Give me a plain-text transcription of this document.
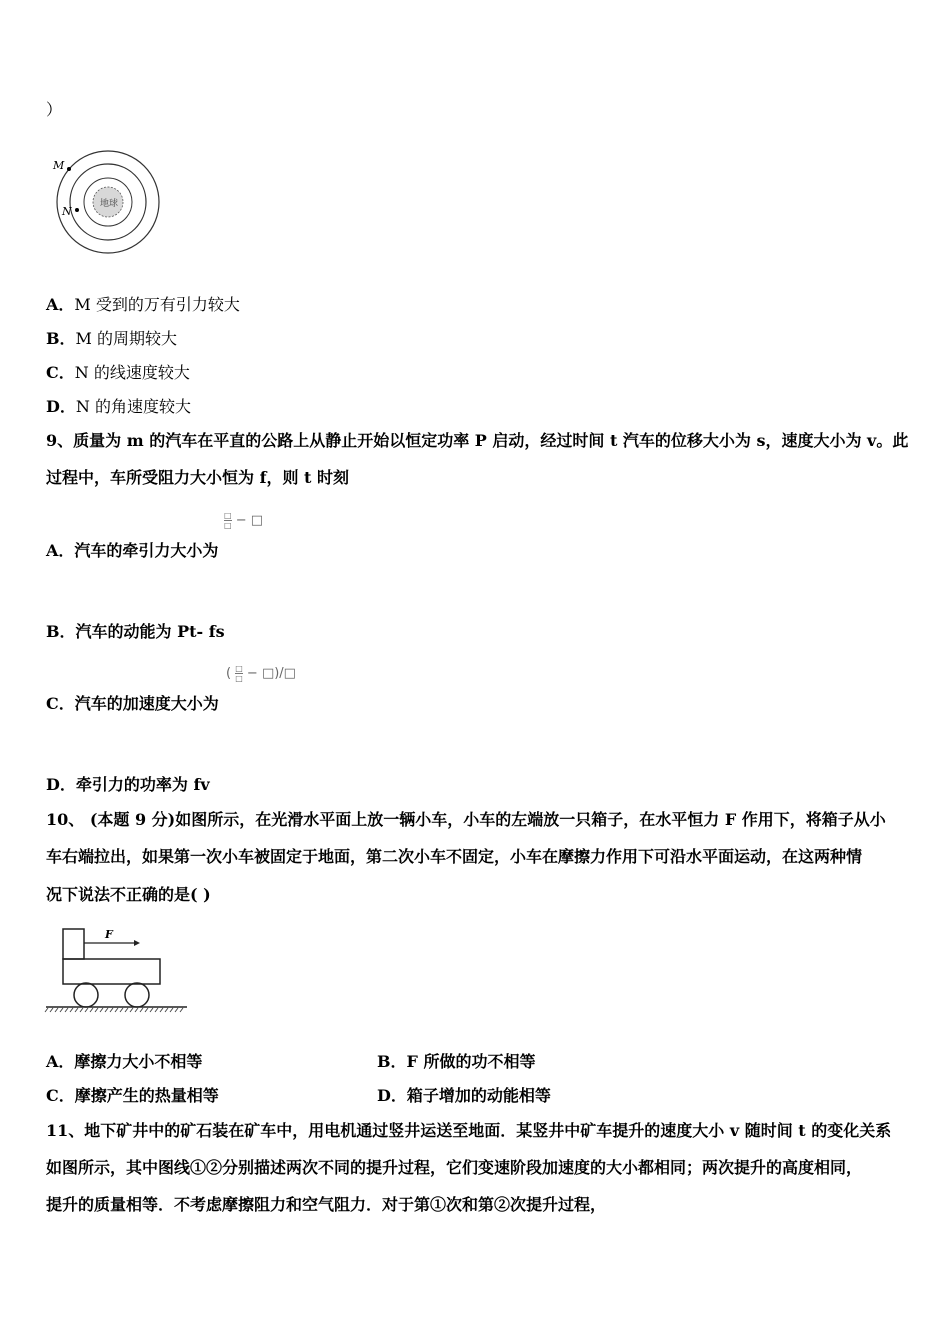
）
地球
M
N
A．M 受到的万有引力较大
B．M 的周期较大
C．N 的线速度较大
D．N 的角速度较大
9、质量为 m 的汽车在平直的公路上从静止开始以恒定功率 P 启动，经过时间 t 汽车的位移大小为 s，速度大小为 v。此
过程中，车所受阻力大小恒为 f，则 t 时刻
$\frac{□}{□}$ − □
A．汽车的牵引力大小为
B．汽车的动能为 Pt- fs
( $\frac{□}{□}$ − □)/□
C．汽车的加速度大小为
D．牵引力的功率为 fv
10、 (本题 9 分)如图所示，在光滑水平面上放一辆小车，小车的左端放一只箱子，在水平恒力 F 作用下，将箱子从小
车右端拉出，如果第一次小车被固定于地面，第二次小车不固定，小车在摩擦力作用下可沿水平面运动，在这两种情
况下说法不正确的是( )
F
A．摩擦力大小不相等	B．F 所做的功不相等
C．摩擦产生的热量相等	D．箱子增加的动能相等
11、地下矿井中的矿石装在矿车中，用电机通过竖井运送至地面．某竖井中矿车提升的速度大小 v 随时间 t 的变化关系
如图所示，其中图线①②分别描述两次不同的提升过程，它们变速阶段加速度的大小都相同；两次提升的高度相同，
提升的质量相等．不考虑摩擦阻力和空气阻力．对于第①次和第②次提升过程，
